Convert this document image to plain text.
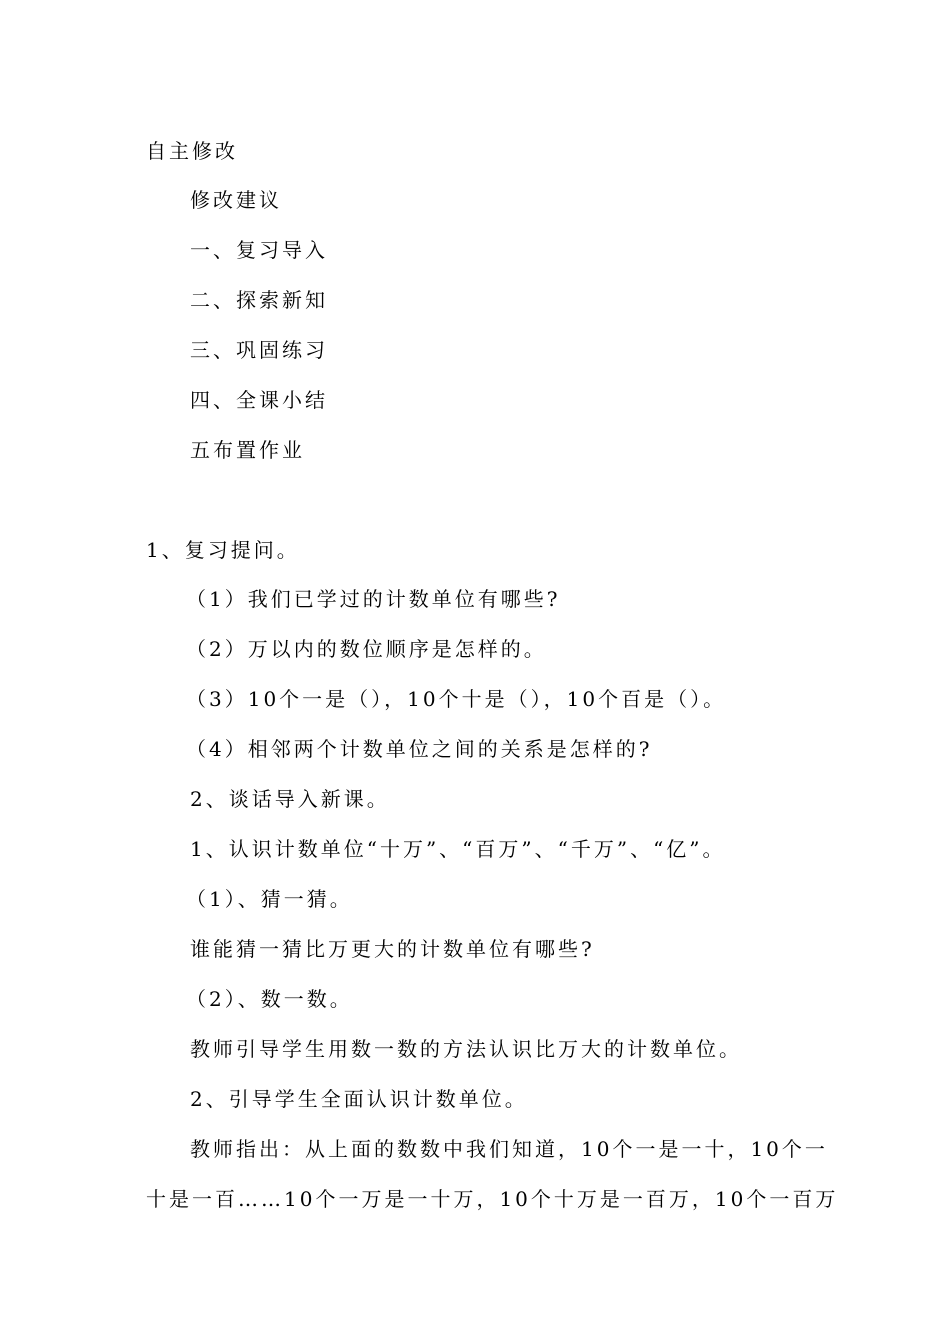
自主修改
修改建议
一、复习导入
二、探索新知
三、巩固练习
四、全课小结
五布置作业
1、复习提问。
（1）我们已学过的计数单位有哪些?
（2）万以内的数位顺序是怎样的。
（3）10个一是（），10个十是（），10个百是（）。
（4）相邻两个计数单位之间的关系是怎样的?
2、谈话导入新课。
1、认识计数单位“十万”、“百万”、“千万”、“亿”。
（1）、猜一猜。
谁能猜一猜比万更大的计数单位有哪些?
（2）、数一数。
教师引导学生用数一数的方法认识比万大的计数单位。
2、引导学生全面认识计数单位。
教师指出：从上面的数数中我们知道，10个一是一十，10个一
十是一百……10个一万是一十万，10个十万是一百万，10个一百万
